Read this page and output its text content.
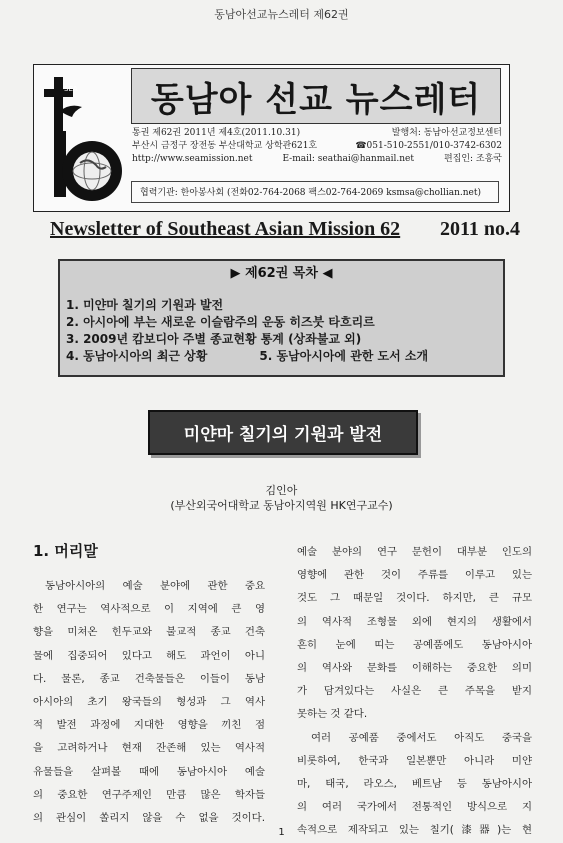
동남아선교뉴스레터 제62권
SEA 동남아 선교 뉴스레터
통권 제62권 2011년 제4호(2011.10.31)	발행처: 동남아선교정보센터
부산시 금정구 장전동 부산대학교 상학관621호	☎051-510-2551/010-3742-6302
http://www.seamission.net	E-mail: seathai@hanmail.net	편집인: 조흥국
협력기관: 한아봉사회 (전화02-764-2068 팩스02-764-2069 ksmsa@chollian.net)
Newsletter of Southeast Asian Mission 62 2011 no.4
▶ 제62권 목차 ◀
1. 미얀마 칠기의 기원과 발전
2. 아시아에 부는 새로운 이슬람주의 운동 히즈붓 타흐리르
3. 2009년 캄보디아 주별 종교현황 통계 (상좌불교 외)
4. 동남아시아의 최근 상황	5. 동남아시아에 관한 도서 소개
미얀마 칠기의 기원과 발전
김인아
(부산외국어대학교 동남아지역원 HK연구교수)
1. 머리말
동남아시아의 예술 분야에 관한 중요
한 연구는 역사적으로 이 지역에 큰 영
향을 미쳐온 힌두교와 불교적 종교 건축
물에 집중되어 있다고 해도 과언이 아니
다. 물론, 종교 건축물들은 이들이 동남
아시아의 초기 왕국들의 형성과 그 역사
적 발전 과정에 지대한 영향을 끼친 점
을 고려하거나 현재 잔존해 있는 역사적
유물들을 살펴볼 때에 동남아시아 예술
의 중요한 연구주제인 만큼 많은 학자들
의 관심이 쏠리지 않을 수 없을 것이다.
예술 분야의 연구 문헌이 대부분 인도의
영향에 관한 것이 주류를 이루고 있는
것도 그 때문일 것이다. 하지만, 큰 규모
의 역사적 조형물 외에 현지의 생활에서
흔히 눈에 띠는 공예품에도 동남아시아
의 역사와 문화를 이해하는 중요한 의미
가 담겨있다는 사실은 큰 주목을 받지
못하는 것 같다.
여러 공예품 중에서도 아직도 중국을
비롯하여, 한국과 일본뿐만 아니라 미얀
마, 태국, 라오스, 베트남 등 동남아시아
의 여러 국가에서 전통적인 방식으로 지
속적으로 제작되고 있는 칠기(漆器)는 현
1
